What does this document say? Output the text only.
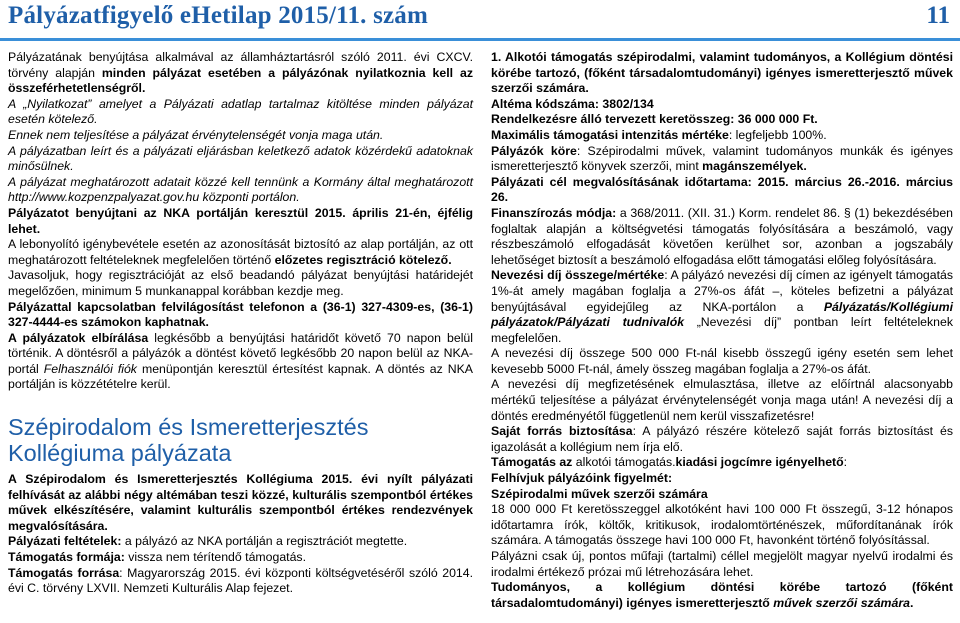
Pályázatfigyelő eHetilap 2015/11. szám	11

Pályázatának benyújtása alkalmával az államháztartásról szóló 2011. évi CXCV. törvény alapján minden pályázat esetében a pályázónak nyilatkoznia kell az összeférhetetlenségről.

A „Nyilatkozat” amelyet a Pályázati adatlap tartalmaz kitöltése minden pályázat esetén kötelező.

Ennek nem teljesítése a pályázat érvénytelenségét vonja maga után.

A pályázatban leírt és a pályázati eljárásban keletkező adatok közérdekű adatoknak minősülnek.

A pályázat meghatározott adatait közzé kell tennünk a Kormány által meghatározott http://www.kozpenzpalyazat.gov.hu központi portálon.

Pályázatot benyújtani az NKA portálján keresztül 2015. április 21-én, éjfélig lehet.

A lebonyolító igénybevétele esetén az azonosítását biztosító az alap portálján, az ott meghatározott feltételeknek megfelelően történő előzetes regisztráció kötelező.

Javasoljuk, hogy regisztrációját az első beadandó pályázat benyújtási határidejét megelőzően, minimum 5 munkanappal korábban kezdje meg.

Pályázattal kapcsolatban felvilágosítást telefonon a (36-1) 327-4309-es, (36-1) 327-4444-es számokon kaphatnak.

A pályázatok elbírálása legkésőbb a benyújtási határidőt követő 70 napon belül történik. A döntésről a pályázók a döntést követő legkésőbb 20 napon belül az NKA-portál Felhasználói fiók menüpontján keresztül értesítést kapnak. A döntés az NKA portálján is közzétételre kerül.

Szépirodalom és Ismeretterjesztés
Kollégiuma pályázata

A Szépirodalom és Ismeretterjesztés Kollégiuma 2015. évi nyílt pályázati felhívását az alábbi négy altémában teszi közzé, kulturális szempontból értékes művek elkészítésére, valamint kulturális szempontból értékes rendezvények megvalósítására.

Pályázati feltételek: a pályázó az NKA portálján a regisztrációt megtette.

Támogatás formája: vissza nem térítendő támogatás.

Támogatás forrása: Magyarország 2015. évi központi költségvetéséről szóló 2014. évi C. törvény LXVII. Nemzeti Kulturális Alap fejezet.

1. Alkotói támogatás szépirodalmi, valamint tudományos, a Kollégium döntési körébe tartozó, (főként társadalomtudományi) igényes ismeretterjesztő művek szerzői számára.

Altéma kódszáma: 3802/134

Rendelkezésre álló tervezett keretösszeg: 36 000 000 Ft.

Maximális támogatási intenzitás mértéke: legfeljebb 100%.

Pályázók köre: Szépirodalmi művek, valamint tudományos munkák és igényes ismeretterjesztő könyvek szerzői, mint magánszemélyek.

Pályázati cél megvalósításának időtartama: 2015. március 26.-2016. március 26.

Finanszírozás módja: a 368/2011. (XII. 31.) Korm. rendelet 86. § (1) bekezdésében foglaltak alapján a költségvetési támogatás folyósítására a beszámoló, vagy részbeszámoló elfogadását követően kerülhet sor, azonban a jogszabály lehetőséget biztosít a beszámoló elfogadása előtt támogatási előleg folyósítására.

Nevezési díj összege/mértéke: A pályázó nevezési díj címen az igényelt támogatás 1%-át amely magában foglalja a 27%-os áfát –, köteles befizetni a pályázat benyújtásával egyidejűleg az NKA-portálon a Pályázatás/Kollégiumi pályázatok/Pályázati tudnivalók „Nevezési díj” pontban leírt feltételeknek megfelelően.

A nevezési díj összege 500 000 Ft-nál kisebb összegű igény esetén sem lehet kevesebb 5000 Ft-nál, ámely összeg magában foglalja a 27%-os áfát.

A nevezési díj megfizetésének elmulasztása, illetve az előírtnál alacsonyabb mértékű teljesítése a pályázat érvénytelenségét vonja maga után! A nevezési díj a döntés eredményétől függetlenül nem kerül visszafizetésre!

Saját forrás biztosítása: A pályázó részére kötelező saját forrás biztosítást és igazolását a kollégium nem írja elő.

Támogatás az alkotói támogatás.kiadási jogcímre igényelhető:

Felhívjuk pályázóink figyelmét:

Szépirodalmi művek szerzői számára

18 000 000 Ft keretösszeggel alkotóként havi 100 000 Ft összegű, 3-12 hónapos időtartamra írók, költők, kritikusok, irodalomtörténészek, műfordítanának írók számára. A támogatás összege havi 100 000 Ft, havonként történő folyósítással.

Pályázni csak új, pontos műfaji (tartalmi) céllel megjelölt magyar nyelvű irodalmi és irodalmi értékező prózai mű létrehozására lehet.

Tudományos, a kollégium döntési körébe tartozó (főként társadalomtudományi) igényes ismeretterjesztő művek szerzői számára.
